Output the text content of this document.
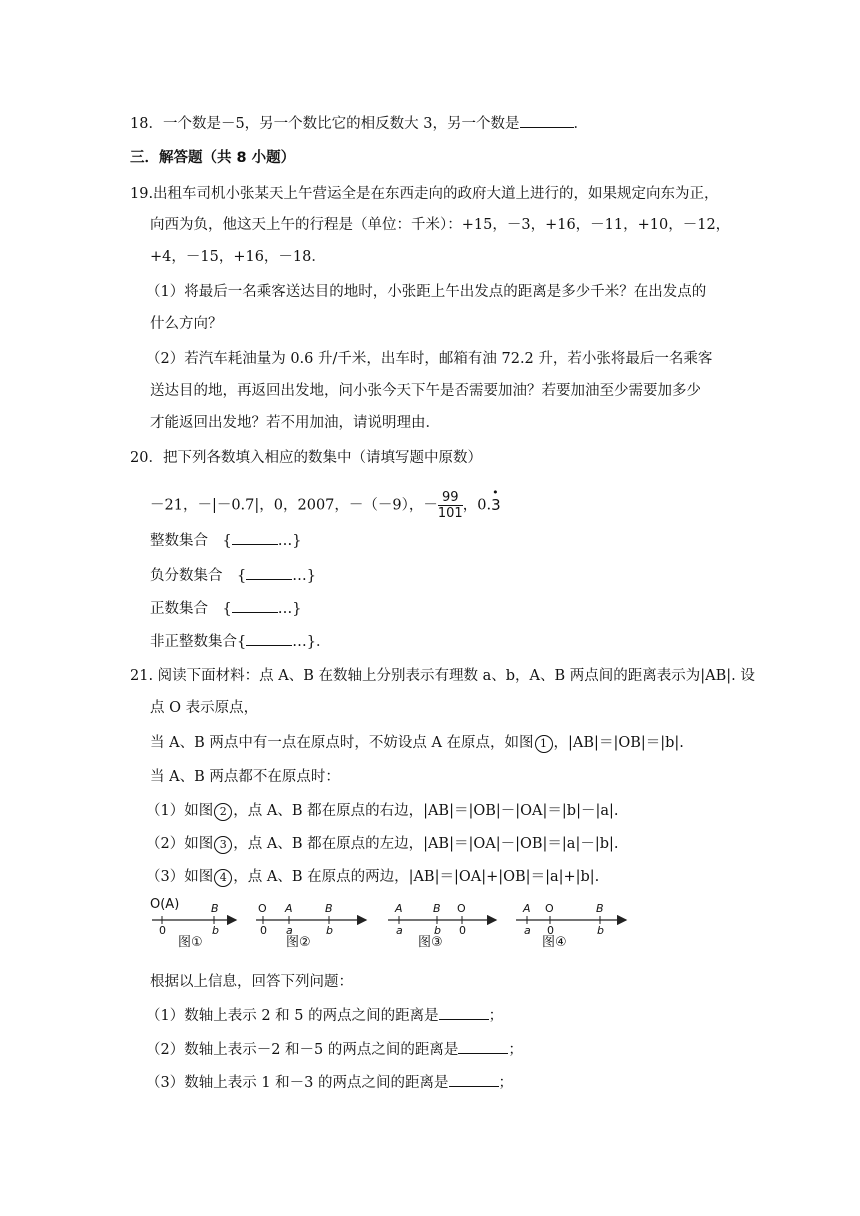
18．一个数是－5，另一个数比它的相反数大 3，另一个数是	．
三．解答题（共 8 小题）
19.出租车司机小张某天上午营运全是在东西走向的政府大道上进行的，如果规定向东为正，
向西为负，他这天上午的行程是（单位：千米）：+15，－3，+16，－11，+10，－12，
+4，－15，+16，－18．
（1）将最后一名乘客送达目的地时，小张距上午出发点的距离是多少千米？在出发点的
什么方向？
（2）若汽车耗油量为 0.6 升/千米，出车时，邮箱有油 72.2 升，若小张将最后一名乘客
送达目的地，再返回出发地，问小张今天下午是否需要加油？若要加油至少需要加多少
才能返回出发地？若不用加油，请说明理由．
20．把下列各数填入相应的数集中（请填写题中原数）
－21，－|－0.7|，0，2007，－（－9），－ $\frac{99}{101}$ ，0.• 3
整数集合　{	…}
负分数集合　{	…}
正数集合　{	…}
非正整数集合{	…}．
21. 阅读下面材料：点 A、B 在数轴上分别表示有理数 a、b，A、B 两点间的距离表示为|AB|. 设
点 O 表示原点，
当 A、B 两点中有一点在原点时，不妨设点 A 在原点，如图 1 ，|AB|＝|OB|＝|b|.
当 A、B 两点都不在原点时：
（1）如图 2 ，点 A、B 都在原点的右边，|AB|＝|OB|－|OA|＝|b|－|a|.
（2）如图 3 ，点 A、B 都在原点的左边，|AB|＝|OA|－|OB|＝|a|－|b|.
（3）如图 4 ，点 A、B 在原点的两边，|AB|＝|OA|+|OB|＝|a|+|b|.
O(A)	B
0	b
图①
O A	B
0 a	b
图②
A	B O
a	b 0
图③
A O	B
a 0	b
图④
根据以上信息，回答下列问题：
（1）数轴上表示 2 和 5 的两点之间的距离是	；
（2）数轴上表示－2 和－5 的两点之间的距离是	；
（3）数轴上表示 1 和－3 的两点之间的距离是	；
